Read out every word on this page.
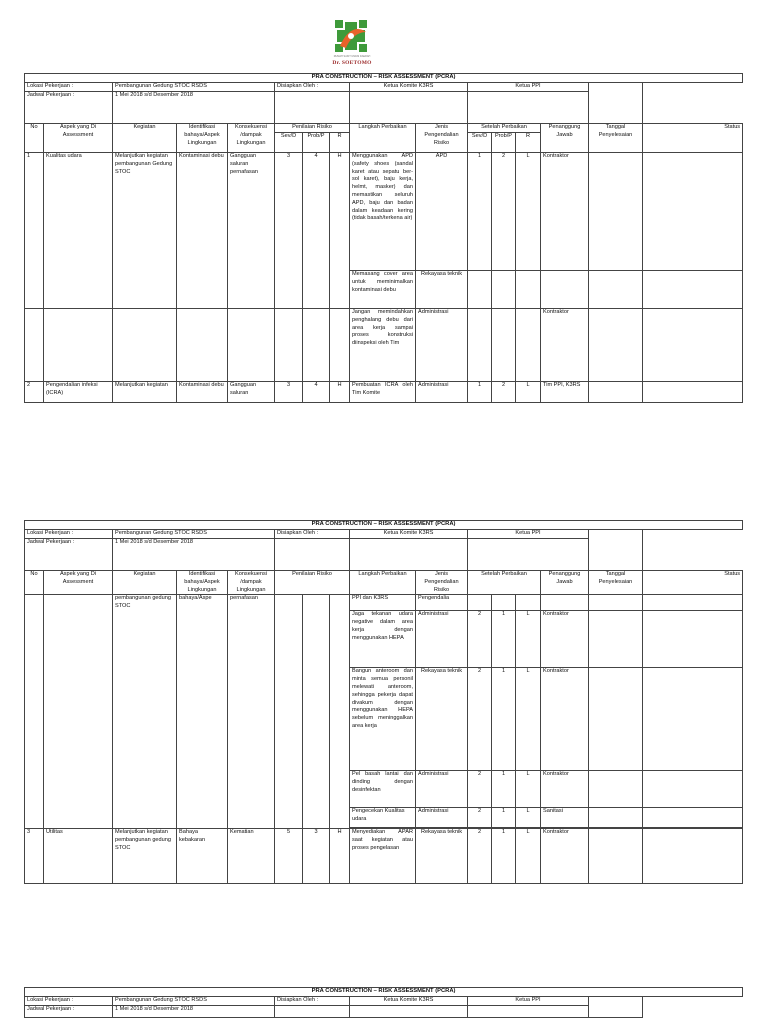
RUMAH SAKIT UMUM DAERAH
Dr. SOETOMO
PRA CONSTRUCTION – RISK ASSESSMENT (PCRA)															
Lokasi Pekerjaan :		Pembangunan Gedung STOC RSDS			Disiapkan Oleh :			Ketua Komite K3RS		Ketua PPI					
Jadwal Pekerjaan :		1 Mei 2018 s/d Desember 2018													
No	Aspek yang Di Assessment	Kegiatan	Identifikasi bahaya/Aspek Lingkungan	Konsekuensi /dampak Lingkungan	Penilaian Risiko			Langkah Perbaikan	Jenis Pengendalian Risiko	Setelah Perbaikan			Penanggung Jawab	Tanggal Penyelesaian	Status

					Sev/D	Prob/P	R			Sev/D	Prob/P	R			
1	Kualitas udara	Melanjutkan kegiatan pembangunan Gedung STOC	Kontaminasi debu	Gangguan saluran pernafasan	3	4	H	Menggunakan APD (safety shoes (sandal karet atau sepatu ber-sol karet), baju kerja, helmt, masker) dan memastikan seluruh APD, baju dan badan dalam keadaan kering (tidak basah/terkena air)	APD	1	2	L	Kontraktor		
								Memasang cover area untuk meminimalkan kontaminasi debu	Rekayasa teknik						
								Jangan memindahkan penghalang debu dari area kerja sampai proses konstruksi diinspeksi oleh Tim	Administrasi				Kontraktor		
2	Pengendalian infeksi (ICRA)	Melanjutkan kegiatan	Kontaminasi debu	Gangguan saluran	3	4	H	Pembuatan ICRA oleh Tim Komite	Administrasi	1	2	L	Tim PPI, K3RS		
PRA CONSTRUCTION – RISK ASSESSMENT (PCRA)															
Lokasi Pekerjaan :		Pembangunan Gedung STOC RSDS			Disiapkan Oleh :			Ketua Komite K3RS		Ketua PPI					
Jadwal Pekerjaan :		1 Mei 2018 s/d Desember 2018													
No	Aspek yang Di Assessment	Kegiatan	Identifikasi bahaya/Aspek Lingkungan	Konsekuensi /dampak Lingkungan	Penilaian Risiko			Langkah Perbaikan	Jenis Pengendalian Risiko	Setelah Perbaikan			Penanggung Jawab	Tanggal Penyelesaian	Status

		pembangunan gedung STOC	bahaya/Aspe	pernafasan				PPI dan K3RS	Pengendalia						
								Jaga tekanan udara negative dalam area kerja dengan menggunakan HEPA	Administrasi	2	1	L	Kontraktor		
								Bangun anteroom dan minta semua personil melewati anteroom, sehingga pekerja dapat divakum dengan menggunakan HEPA sebelum meninggalkan area kerja	Rekayasa teknik	2	1	L	Kontraktor		
								Pel basah lantai dan dinding dengan desinfektan	Administrasi	2	1	L	Kontraktor		
								Pengecekan Kualitas udara	Administrasi	2	1	L	Sanitasi		

3	Utilitas	Melanjutkan kegiatan pembangunan gedung STOC	Bahaya kebakaran	Kematian	5	3	H	Menyediakan APAR saat kegiatan atau proses pengelasan	Rekayasa teknik	2	1	L	Kontraktor		
PRA CONSTRUCTION – RISK ASSESSMENT (PCRA)					
Lokasi Pekerjaan :	Pembangunan Gedung STOC RSDS	Disiapkan Oleh :	Ketua Komite K3RS	Ketua PPI	
Jadwal Pekerjaan :	1 Mei 2018 s/d Desember 2018				
